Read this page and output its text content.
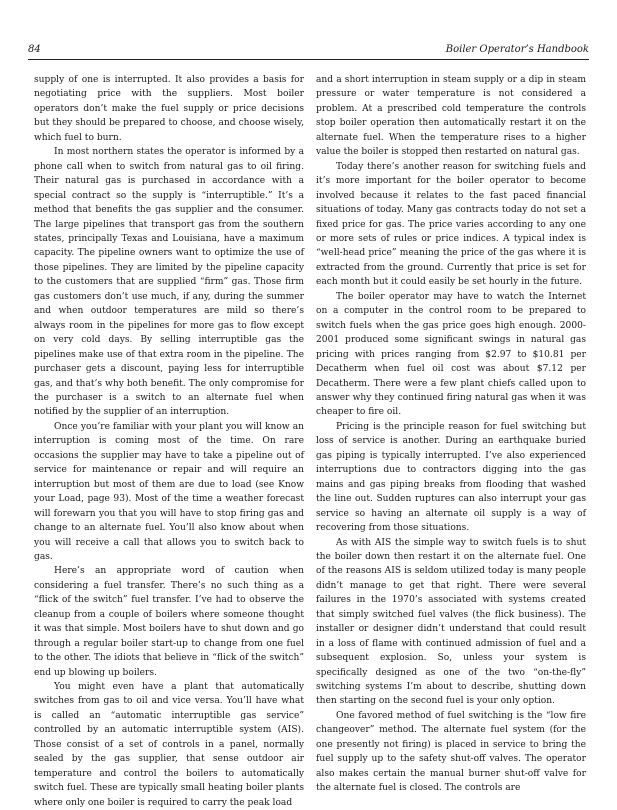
84	Boiler Operator’s Handbook

supply of one is interrupted. It also provides a basis for negotiating price with the suppliers. Most boiler operators don’t make the fuel supply or price decisions but they should be prepared to choose, and choose wisely, which fuel to burn.

In most northern states the operator is informed by a phone call when to switch from natural gas to oil firing. Their natural gas is purchased in accordance with a special contract so the supply is “interruptible.” It’s a method that benefits the gas supplier and the consumer. The large pipelines that transport gas from the southern states, principally Texas and Louisiana, have a maximum capacity. The pipeline owners want to optimize the use of those pipelines. They are limited by the pipeline capacity to the customers that are supplied “firm” gas. Those firm gas customers don’t use much, if any, during the summer and when outdoor temperatures are mild so there’s always room in the pipelines for more gas to flow except on very cold days. By selling interruptible gas the pipelines make use of that extra room in the pipeline. The purchaser gets a discount, paying less for interruptible gas, and that’s why both benefit. The only compromise for the purchaser is a switch to an alternate fuel when notified by the supplier of an interruption.

Once you’re familiar with your plant you will know an interruption is coming most of the time. On rare occasions the supplier may have to take a pipeline out of service for maintenance or repair and will require an interruption but most of them are due to load (see Know your Load, page 93). Most of the time a weather forecast will forewarn you that you will have to stop firing gas and change to an alternate fuel. You’ll also know about when you will receive a call that allows you to switch back to gas.

Here’s an appropriate word of caution when considering a fuel transfer. There’s no such thing as a “flick of the switch” fuel transfer. I’ve had to observe the cleanup from a couple of boilers where someone thought it was that simple. Most boilers have to shut down and go through a regular boiler start-up to change from one fuel to the other. The idiots that believe in “flick of the switch” end up blowing up boilers.

You might even have a plant that automatically switches from gas to oil and vice versa. You’ll have what is called an “automatic interruptible gas service” controlled by an automatic interruptible system (AIS). Those consist of a set of controls in a panel, normally sealed by the gas supplier, that sense outdoor air temperature and control the boilers to automatically switch fuel. These are typically small heating boiler plants where only one boiler is required to carry the peak load

and a short interruption in steam supply or a dip in steam pressure or water temperature is not considered a problem. At a prescribed cold temperature the controls stop boiler operation then automatically restart it on the alternate fuel. When the temperature rises to a higher value the boiler is stopped then restarted on natural gas.

Today there’s another reason for switching fuels and it’s more important for the boiler operator to become involved because it relates to the fast paced financial situations of today. Many gas contracts today do not set a fixed price for gas. The price varies according to any one or more sets of rules or price indices. A typical index is “well-head price” meaning the price of the gas where it is extracted from the ground. Currently that price is set for each month but it could easily be set hourly in the future.

The boiler operator may have to watch the Internet on a computer in the control room to be prepared to switch fuels when the gas price goes high enough. 2000-2001 produced some significant swings in natural gas pricing with prices ranging from $2.97 to $10.81 per Decatherm when fuel oil cost was about $7.12 per Decatherm. There were a few plant chiefs called upon to answer why they continued firing natural gas when it was cheaper to fire oil.

Pricing is the principle reason for fuel switching but loss of service is another. During an earthquake buried gas piping is typically interrupted. I’ve also experienced interruptions due to contractors digging into the gas mains and gas piping breaks from flooding that washed the line out. Sudden ruptures can also interrupt your gas service so having an alternate oil supply is a way of recovering from those situations.

As with AIS the simple way to switch fuels is to shut the boiler down then restart it on the alternate fuel. One of the reasons AIS is seldom utilized today is many people didn’t manage to get that right. There were several failures in the 1970’s associated with systems created that simply switched fuel valves (the flick business). The installer or designer didn’t understand that could result in a loss of flame with continued admission of fuel and a subsequent explosion. So, unless your system is specifically designed as one of the two “on-the-fly” switching systems I’m about to describe, shutting down then starting on the second fuel is your only option.

One favored method of fuel switching is the “low fire changeover” method. The alternate fuel system (for the one presently not firing) is placed in service to bring the fuel supply up to the safety shut-off valves. The operator also makes certain the manual burner shut-off valve for the alternate fuel is closed. The controls are
